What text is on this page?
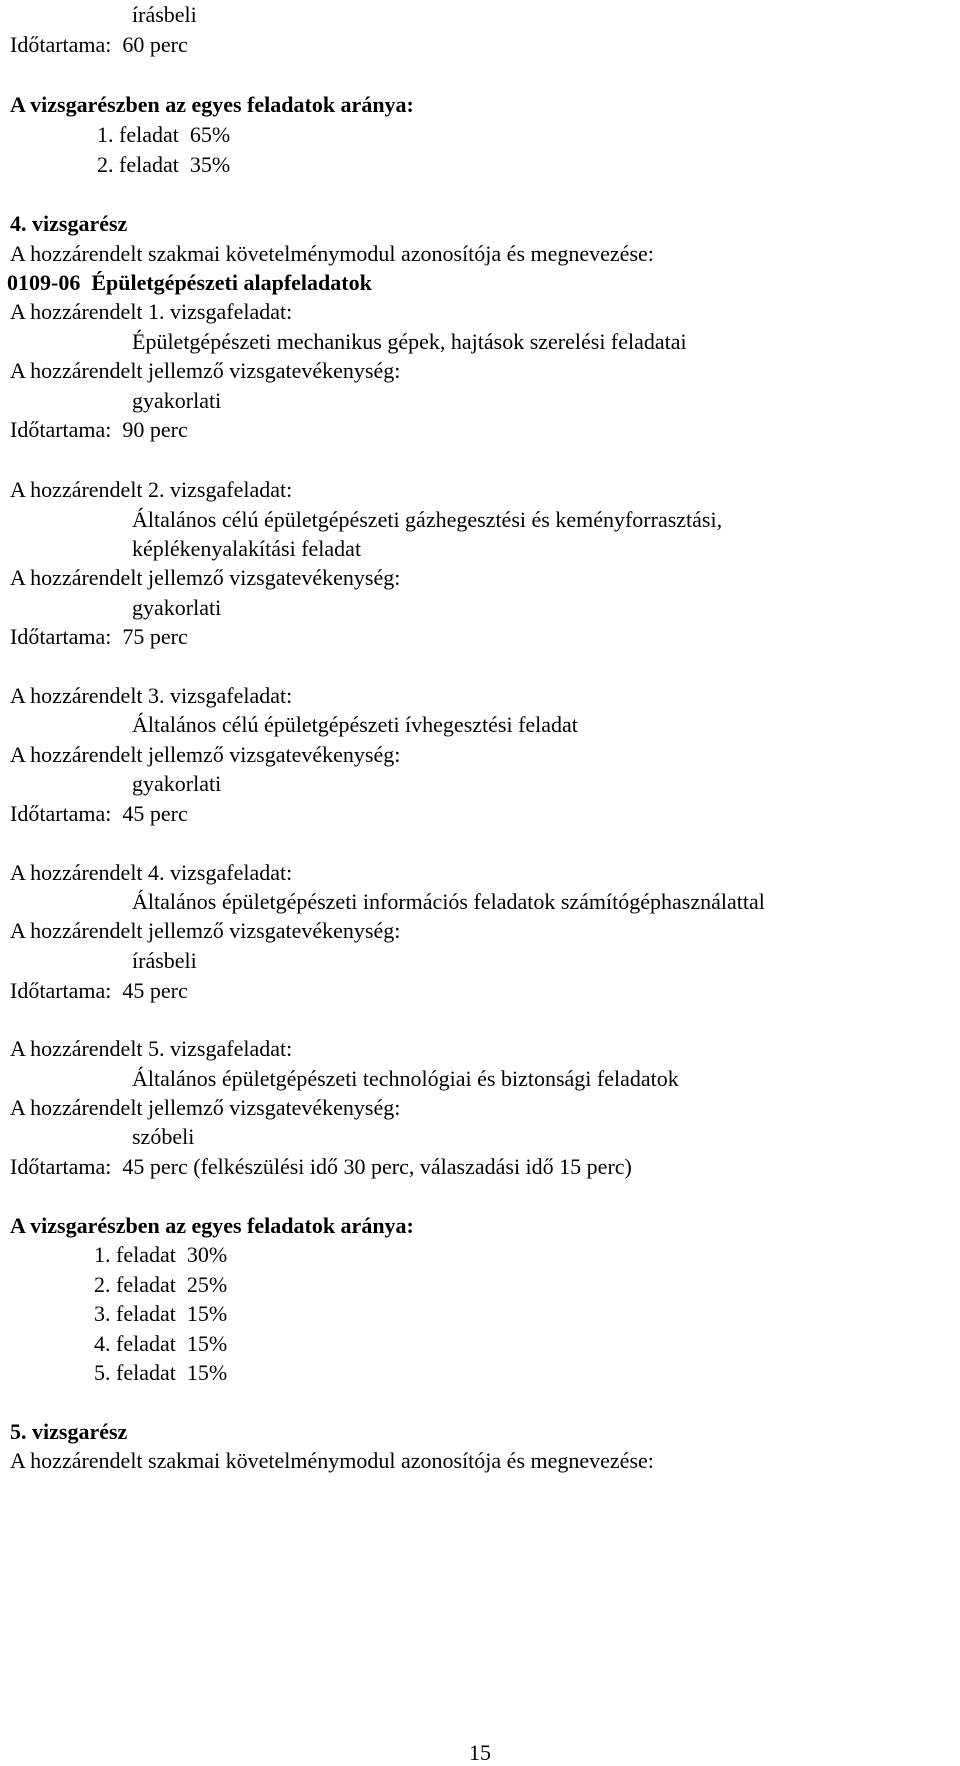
írásbeli

Időtartama:  60 perc

A vizsgarészben az egyes feladatok aránya:

1. feladat  65%

2. feladat  35%

4. vizsgarész

A hozzárendelt szakmai követelménymodul azonosítója és megnevezése:

0109-06  Épületgépészeti alapfeladatok

A hozzárendelt 1. vizsgafeladat:

Épületgépészeti mechanikus gépek, hajtások szerelési feladatai

A hozzárendelt jellemző vizsgatevékenység:

gyakorlati

Időtartama:  90 perc

A hozzárendelt 2. vizsgafeladat:

Általános célú épületgépészeti gázhegesztési és keményforrasztási,

képlékenyalakítási feladat

A hozzárendelt jellemző vizsgatevékenység:

gyakorlati

Időtartama:  75 perc

A hozzárendelt 3. vizsgafeladat:

Általános célú épületgépészeti ívhegesztési feladat

A hozzárendelt jellemző vizsgatevékenység:

gyakorlati

Időtartama:  45 perc

A hozzárendelt 4. vizsgafeladat:

Általános épületgépészeti információs feladatok számítógéphasználattal

A hozzárendelt jellemző vizsgatevékenység:

írásbeli

Időtartama:  45 perc

A hozzárendelt 5. vizsgafeladat:

Általános épületgépészeti technológiai és biztonsági feladatok

A hozzárendelt jellemző vizsgatevékenység:

szóbeli

Időtartama:  45 perc (felkészülési idő 30 perc, válaszadási idő 15 perc)

A vizsgarészben az egyes feladatok aránya:

1. feladat  30%

2. feladat  25%

3. feladat  15%

4. feladat  15%

5. feladat  15%

5. vizsgarész

A hozzárendelt szakmai követelménymodul azonosítója és megnevezése:

15
